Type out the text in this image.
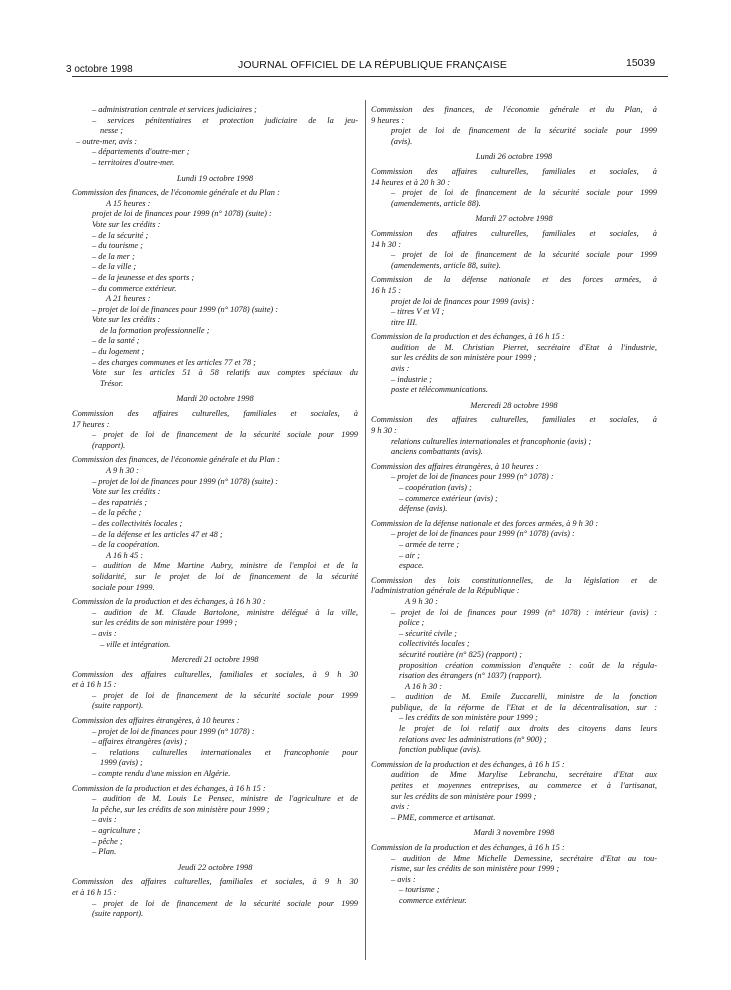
3 octobre 1998	JOURNAL OFFICIEL DE LA RÉPUBLIQUE FRANÇAISE	15039
– administration centrale et services judiciaires ;
– services pénitentiaires et protection judiciaire de la jeu-
nesse ;
– outre-mer, avis :
– départements d'outre-mer ;
– territoires d'outre-mer.
Lundi 19 octobre 1998
Commission des finances, de l'économie générale et du Plan :
A 15 heures :
projet de loi de finances pour 1999 (n° 1078) (suite) :
Vote sur les crédits :
– de la sécurité ;
– du tourisme ;
– de la mer ;
– de la ville ;
– de la jeunesse et des sports ;
– du commerce extérieur.
A 21 heures :
– projet de loi de finances pour 1999 (n° 1078) (suite) :
Vote sur les crédits :
de la formation professionnelle ;
– de la santé ;
– du logement ;
– des charges communes et les articles 77 et 78 ;
Vote sur les articles 51 à 58 relatifs aux comptes spéciaux du
Trésor.
Mardi 20 octobre 1998
Commission des affaires culturelles, familiales et sociales, à
17 heures :
– projet de loi de financement de la sécurité sociale pour 1999
(rapport).
Commission des finances, de l'économie générale et du Plan :
A 9 h 30 :
– projet de loi de finances pour 1999 (n° 1078) (suite) :
Vote sur les crédits :
– des rapatriés ;
– de la pêche ;
– des collectivités locales ;
– de la défense et les articles 47 et 48 ;
– de la coopération.
A 16 h 45 :
– audition de Mme Martine Aubry, ministre de l'emploi et de la
solidarité, sur le projet de loi de financement de la sécurité
sociale pour 1999.
Commission de la production et des échanges, à 16 h 30 :
– audition de M. Claude Bartolone, ministre délégué à la ville,
sur les crédits de son ministère pour 1999 ;
– avis :
– ville et intégration.
Mercredi 21 octobre 1998
Commission des affaires culturelles, familiales et sociales, à 9 h 30
et à 16 h 15 :
– projet de loi de financement de la sécurité sociale pour 1999
(suite rapport).
Commission des affaires étrangères, à 10 heures :
– projet de loi de finances pour 1999 (n° 1078) :
– affaires étrangères (avis) ;
– relations culturelles internationales et francophonie pour
1999 (avis) ;
– compte rendu d'une mission en Algérie.
Commission de la production et des échanges, à 16 h 15 :
– audition de M. Louis Le Pensec, ministre de l'agriculture et de
la pêche, sur les crédits de son ministère pour 1999 ;
– avis :
– agriculture ;
– pêche ;
– Plan.
Jeudi 22 octobre 1998
Commission des affaires culturelles, familiales et sociales, à 9 h 30
et à 16 h 15 :
– projet de loi de financement de la sécurité sociale pour 1999
(suite rapport).
Commission des finances, de l'économie générale et du Plan, à
9 heures :
projet de loi de financement de la sécurité sociale pour 1999
(avis).
Lundi 26 octobre 1998
Commission des affaires culturelles, familiales et sociales, à
14 heures et à 20 h 30 :
– projet de loi de financement de la sécurité sociale pour 1999
(amendements, article 88).
Mardi 27 octobre 1998
Commission des affaires culturelles, familiales et sociales, à
14 h 30 :
– projet de loi de financement de la sécurité sociale pour 1999
(amendements, article 88, suite).
Commission de la défense nationale et des forces armées, à
16 h 15 :
projet de loi de finances pour 1999 (avis) :
– titres V et VI ;
titre III.
Commission de la production et des échanges, à 16 h 15 :
audition de M. Christian Pierret, secrétaire d'Etat à l'industrie,
sur les crédits de son ministère pour 1999 ;
avis :
– industrie ;
poste et télécommunications.
Mercredi 28 octobre 1998
Commission des affaires culturelles, familiales et sociales, à
9 h 30 :
relations culturelles internationales et francophonie (avis) ;
anciens combattants (avis).
Commission des affaires étrangères, à 10 heures :
– projet de loi de finances pour 1999 (n° 1078) :
– coopération (avis) ;
– commerce extérieur (avis) ;
défense (avis).
Commission de la défense nationale et des forces armées, à 9 h 30 :
– projet de loi de finances pour 1999 (n° 1078) (avis) :
– armée de terre ;
– air ;
espace.
Commission des lois constitutionnelles, de la législation et de
l'administration générale de la République :
A 9 h 30 :
– projet de loi de finances pour 1999 (n° 1078) : intérieur (avis) :
police ;
– sécurité civile ;
collectivités locales ;
sécurité routière (n° 825) (rapport) ;
proposition création commission d'enquête : coût de la régula-
risation des étrangers (n° 1037) (rapport).
A 16 h 30 :
– audition de M. Emile Zuccarelli, ministre de la fonction
publique, de la réforme de l'Etat et de la décentralisation, sur :
– les crédits de son ministère pour 1999 ;
le projet de loi relatif aux droits des citoyens dans leurs
relations avec les administrations (n° 900) ;
fonction publique (avis).
Commission de la production et des échanges, à 16 h 15 :
audition de Mme Marylise Lebranchu, secrétaire d'Etat aux
petites et moyennes entreprises, au commerce et à l'artisanat,
sur les crédits de son ministère pour 1999 ;
avis :
– PME, commerce et artisanat.
Mardi 3 novembre 1998
Commission de la production et des échanges, à 16 h 15 :
– audition de Mme Michelle Demessine, secrétaire d'Etat au tou-
risme, sur les crédits de son ministère pour 1999 ;
– avis :
– tourisme ;
commerce extérieur.
